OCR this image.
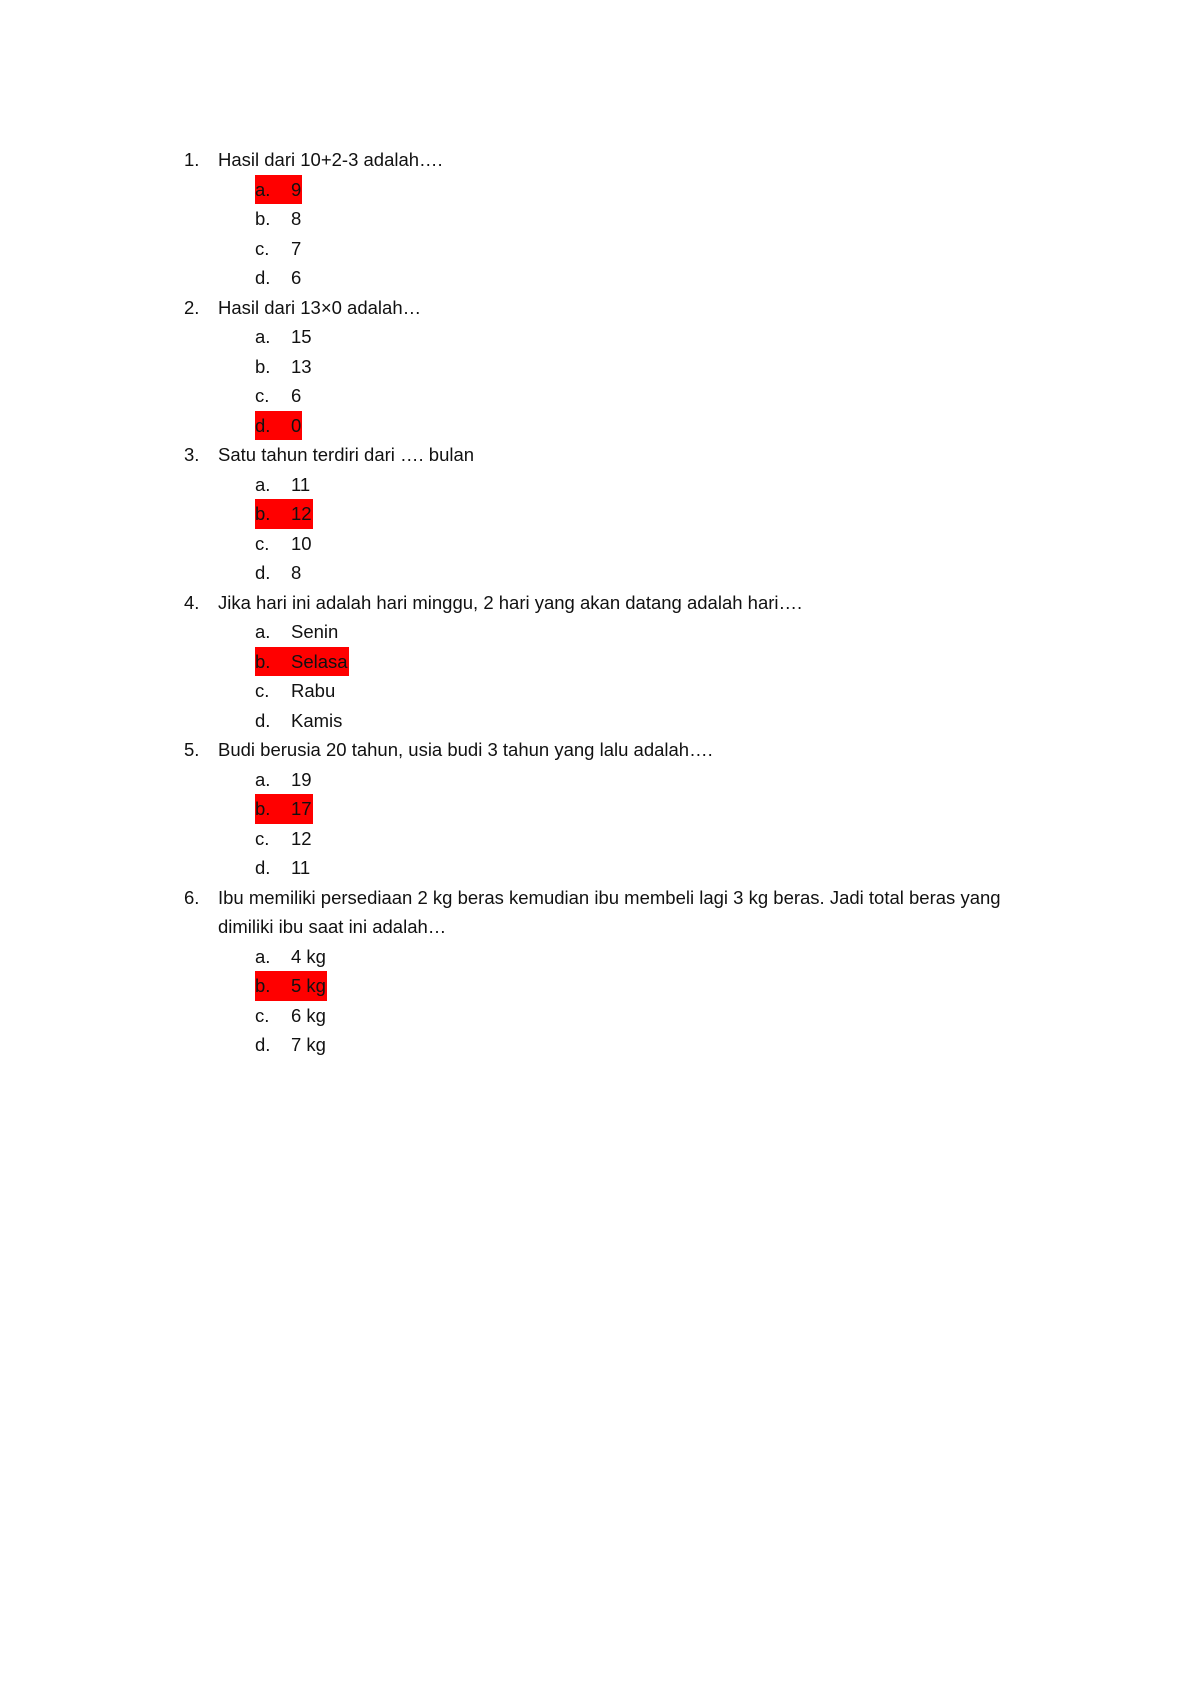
1.	Hasil dari 10+2-3 adalah….
a. 9
b. 8
c. 7
d. 6
2.	Hasil dari 13×0 adalah…
a. 15
b. 13
c. 6
d. 0
3.	Satu tahun terdiri dari …. bulan
a. 11
b. 12
c. 10
d. 8
4.	Jika hari ini adalah hari minggu, 2 hari yang akan datang adalah hari….
a. Senin
b. Selasa
c. Rabu
d. Kamis
5.	Budi berusia 20 tahun, usia budi 3 tahun yang lalu adalah….
a. 19
b. 17
c. 12
d. 11
6.	Ibu memiliki persediaan 2 kg beras kemudian ibu membeli lagi 3 kg beras. Jadi total beras yang dimiliki ibu saat ini adalah…
a. 4 kg
b. 5 kg
c. 6 kg
d. 7 kg
